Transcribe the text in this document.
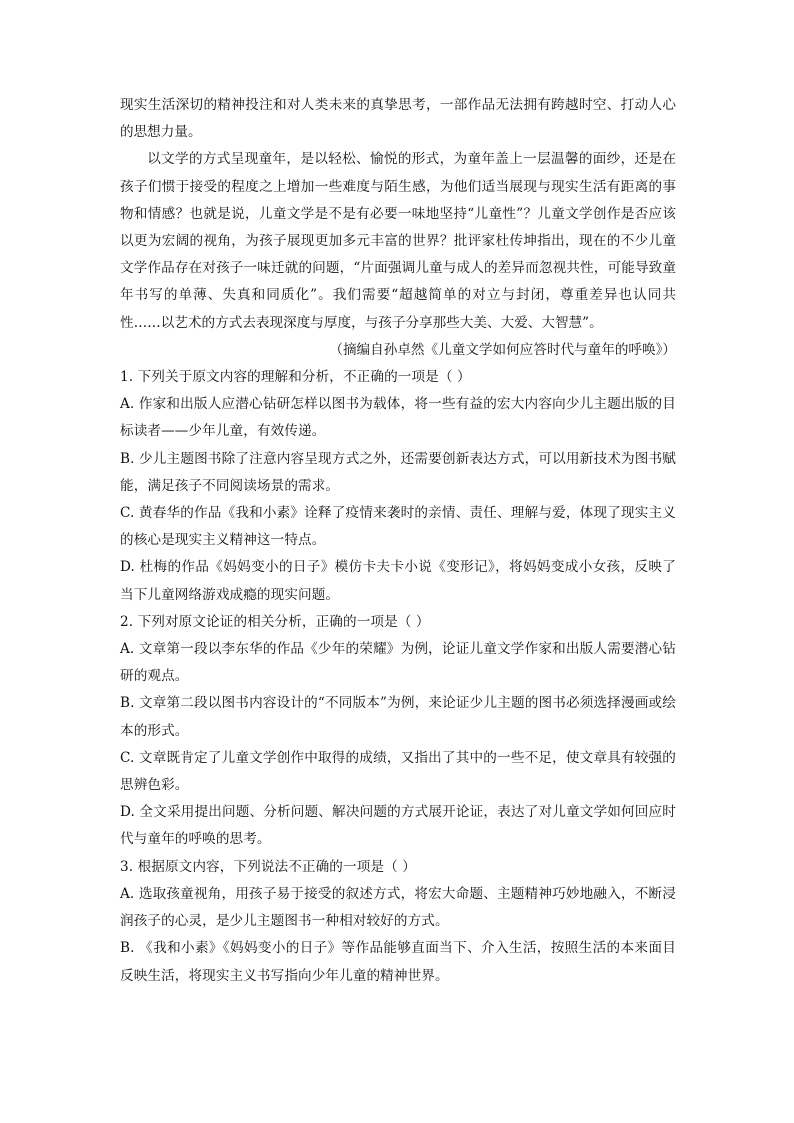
现实生活深切的精神投注和对人类未来的真挚思考，一部作品无法拥有跨越时空、打动人心的思想力量。

以文学的方式呈现童年，是以轻松、愉悦的形式，为童年盖上一层温馨的面纱，还是在孩子们惯于接受的程度之上增加一些难度与陌生感，为他们适当展现与现实生活有距离的事物和情感？也就是说，儿童文学是不是有必要一味地坚持“儿童性”？儿童文学创作是否应该以更为宏阔的视角，为孩子展现更加多元丰富的世界？批评家杜传坤指出，现在的不少儿童文学作品存在对孩子一味迁就的问题，“片面强调儿童与成人的差异而忽视共性，可能导致童年书写的单薄、失真和同质化”。我们需要“超越简单的对立与封闭，尊重差异也认同共性……以艺术的方式去表现深度与厚度，与孩子分享那些大美、大爱、大智慧”。

（摘编自孙卓然《儿童文学如何应答时代与童年的呼唤》）

1. 下列关于原文内容的理解和分析，不正确的一项是（ ）

A. 作家和出版人应潜心钻研怎样以图书为载体，将一些有益的宏大内容向少儿主题出版的目标读者——少年儿童，有效传递。

B. 少儿主题图书除了注意内容呈现方式之外，还需要创新表达方式，可以用新技术为图书赋能，满足孩子不同阅读场景的需求。

C. 黄春华的作品《我和小素》诠释了疫情来袭时的亲情、责任、理解与爱，体现了现实主义的核心是现实主义精神这一特点。

D. 杜梅的作品《妈妈变小的日子》模仿卡夫卡小说《变形记》，将妈妈变成小女孩，反映了当下儿童网络游戏成瘾的现实问题。

2. 下列对原文论证的相关分析，正确的一项是（ ）

A. 文章第一段以李东华的作品《少年的荣耀》为例，论证儿童文学作家和出版人需要潜心钻研的观点。

B. 文章第二段以图书内容设计的“不同版本”为例，来论证少儿主题的图书必须选择漫画或绘本的形式。

C. 文章既肯定了儿童文学创作中取得的成绩，又指出了其中的一些不足，使文章具有较强的思辨色彩。

D. 全文采用提出问题、分析问题、解决问题的方式展开论证，表达了对儿童文学如何回应时代与童年的呼唤的思考。

3. 根据原文内容，下列说法不正确的一项是（ ）

A. 选取孩童视角，用孩子易于接受的叙述方式，将宏大命题、主题精神巧妙地融入，不断浸润孩子的心灵，是少儿主题图书一种相对较好的方式。

B. 《我和小素》《妈妈变小的日子》等作品能够直面当下、介入生活，按照生活的本来面目反映生活，将现实主义书写指向少年儿童的精神世界。
